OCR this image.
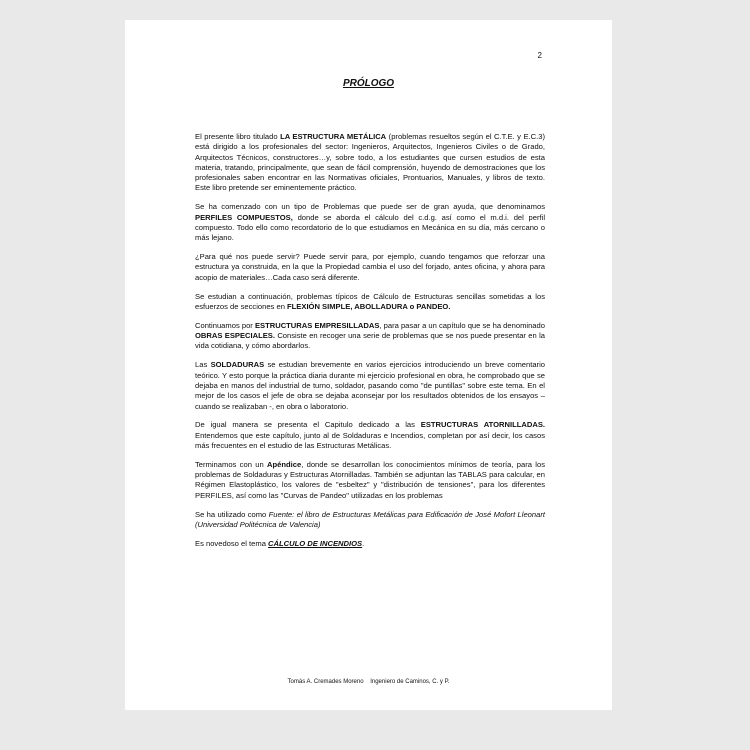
2
PRÓLOGO

El presente libro titulado LA ESTRUCTURA METÁLICA (problemas resueltos según el C.T.E. y E.C.3) está dirigido a los profesionales del sector: Ingenieros, Arquitectos, Ingenieros Civiles o de Grado, Arquitectos Técnicos, constructores…y, sobre todo, a los estudiantes que cursen estudios de esta materia, tratando, principalmente, que sean de fácil comprensión, huyendo de demostraciones que los profesionales saben encontrar en las Normativas oficiales, Prontuarios, Manuales, y libros de texto. Este libro pretende ser eminentemente práctico.

Se ha comenzado con un tipo de Problemas que puede ser de gran ayuda, que denominamos PERFILES COMPUESTOS, donde se aborda el cálculo del c.d.g. así como el m.d.i. del perfil compuesto. Todo ello como recordatorio de lo que estudiamos en Mecánica en su día, más cercano o más lejano.

¿Para qué nos puede servir? Puede servir para, por ejemplo, cuando tengamos que reforzar una estructura ya construida, en la que la Propiedad cambia el uso del forjado, antes oficina, y ahora para acopio de materiales…Cada caso será diferente.

Se estudian a continuación, problemas típicos de Cálculo de Estructuras sencillas sometidas a los esfuerzos de secciones en FLEXIÓN SIMPLE, ABOLLADURA o PANDEO.

Continuamos por ESTRUCTURAS EMPRESILLADAS, para pasar a un capítulo que se ha denominado OBRAS ESPECIALES. Consiste en recoger una serie de problemas que se nos puede presentar en la vida cotidiana, y cómo abordarlos.

Las SOLDADURAS se estudian brevemente en varios ejercicios introduciendo un breve comentario teórico. Y esto porque la práctica diaria durante mi ejercicio profesional en obra, he comprobado que se dejaba en manos del industrial de turno, soldador, pasando como "de puntillas" sobre este tema. En el mejor de los casos el jefe de obra se dejaba aconsejar por los resultados obtenidos de los ensayos – cuando se realizaban -, en obra o laboratorio.

De igual manera se presenta el Capitulo dedicado a las ESTRUCTURAS ATORNILLADAS. Entendemos que este capítulo, junto al de Soldaduras e Incendios, completan por así decir, los casos más frecuentes en el estudio de las Estructuras Metálicas.

Terminamos con un Apéndice, donde se desarrollan los conocimientos mínimos de teoría, para los problemas de Soldaduras y Estructuras Atornilladas. También se adjuntan las TABLAS para calcular, en Régimen Elastoplástico, los valores de "esbeltez" y "distribución de tensiones", para los diferentes PERFILES, así como las "Curvas de Pandeo" utilizadas en los problemas

Se ha utilizado como Fuente: el libro de Estructuras Metálicas para Edificación de José Mofort Lleonart (Universidad Politécnica de Valencia)

Es novedoso el tema CÁLCULO DE INCENDIOS.

Tomás A. Cremades Moreno    Ingeniero de Caminos, C. y P.
